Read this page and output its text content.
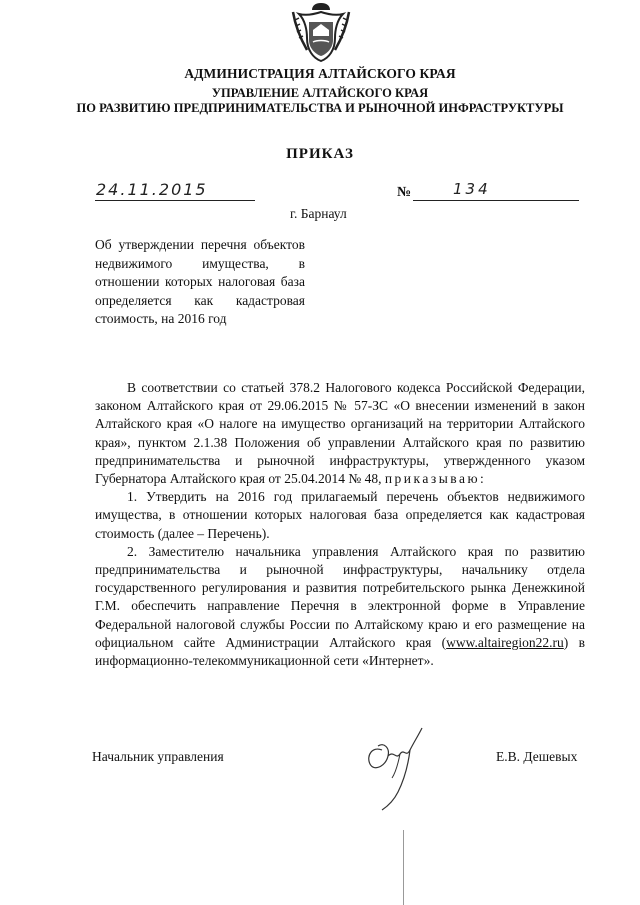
АДМИНИСТРАЦИЯ АЛТАЙСКОГО КРАЯ
УПРАВЛЕНИЕ АЛТАЙСКОГО КРАЯ
ПО РАЗВИТИЮ ПРЕДПРИНИМАТЕЛЬСТВА И РЫНОЧНОЙ ИНФРАСТРУКТУРЫ
ПРИКАЗ
24.11.2015	№	134
г. Барнаул
Об утверждении перечня объектов недвижимого имущества, в отношении которых налоговая база определяется как кадастровая стоимость, на 2016 год

В соответствии со статьей 378.2 Налогового кодекса Российской Федерации, законом Алтайского края от 29.06.2015 № 57-ЗС «О внесении изменений в закон Алтайского края «О налоге на имущество организаций на территории Алтайского края», пунктом 2.1.38 Положения об управлении Алтайского края по развитию предпринимательства и рыночной инфраструктуры, утвержденного указом Губернатора Алтайского края от 25.04.2014 № 48, приказываю:

1. Утвердить на 2016 год прилагаемый перечень объектов недвижимого имущества, в отношении которых налоговая база определяется как кадастровая стоимость (далее – Перечень).

2. Заместителю начальника управления Алтайского края по развитию предпринимательства и рыночной инфраструктуры, начальнику отдела государственного регулирования и развития потребительского рынка Денежкиной Г.М. обеспечить направление Перечня в электронной форме в Управление Федеральной налоговой службы России по Алтайскому краю и его размещение на официальном сайте Администрации Алтайского края (www.altairegion22.ru) в информационно-телекоммуникационной сети «Интернет».

Начальник управления	Е.В. Дешевых
